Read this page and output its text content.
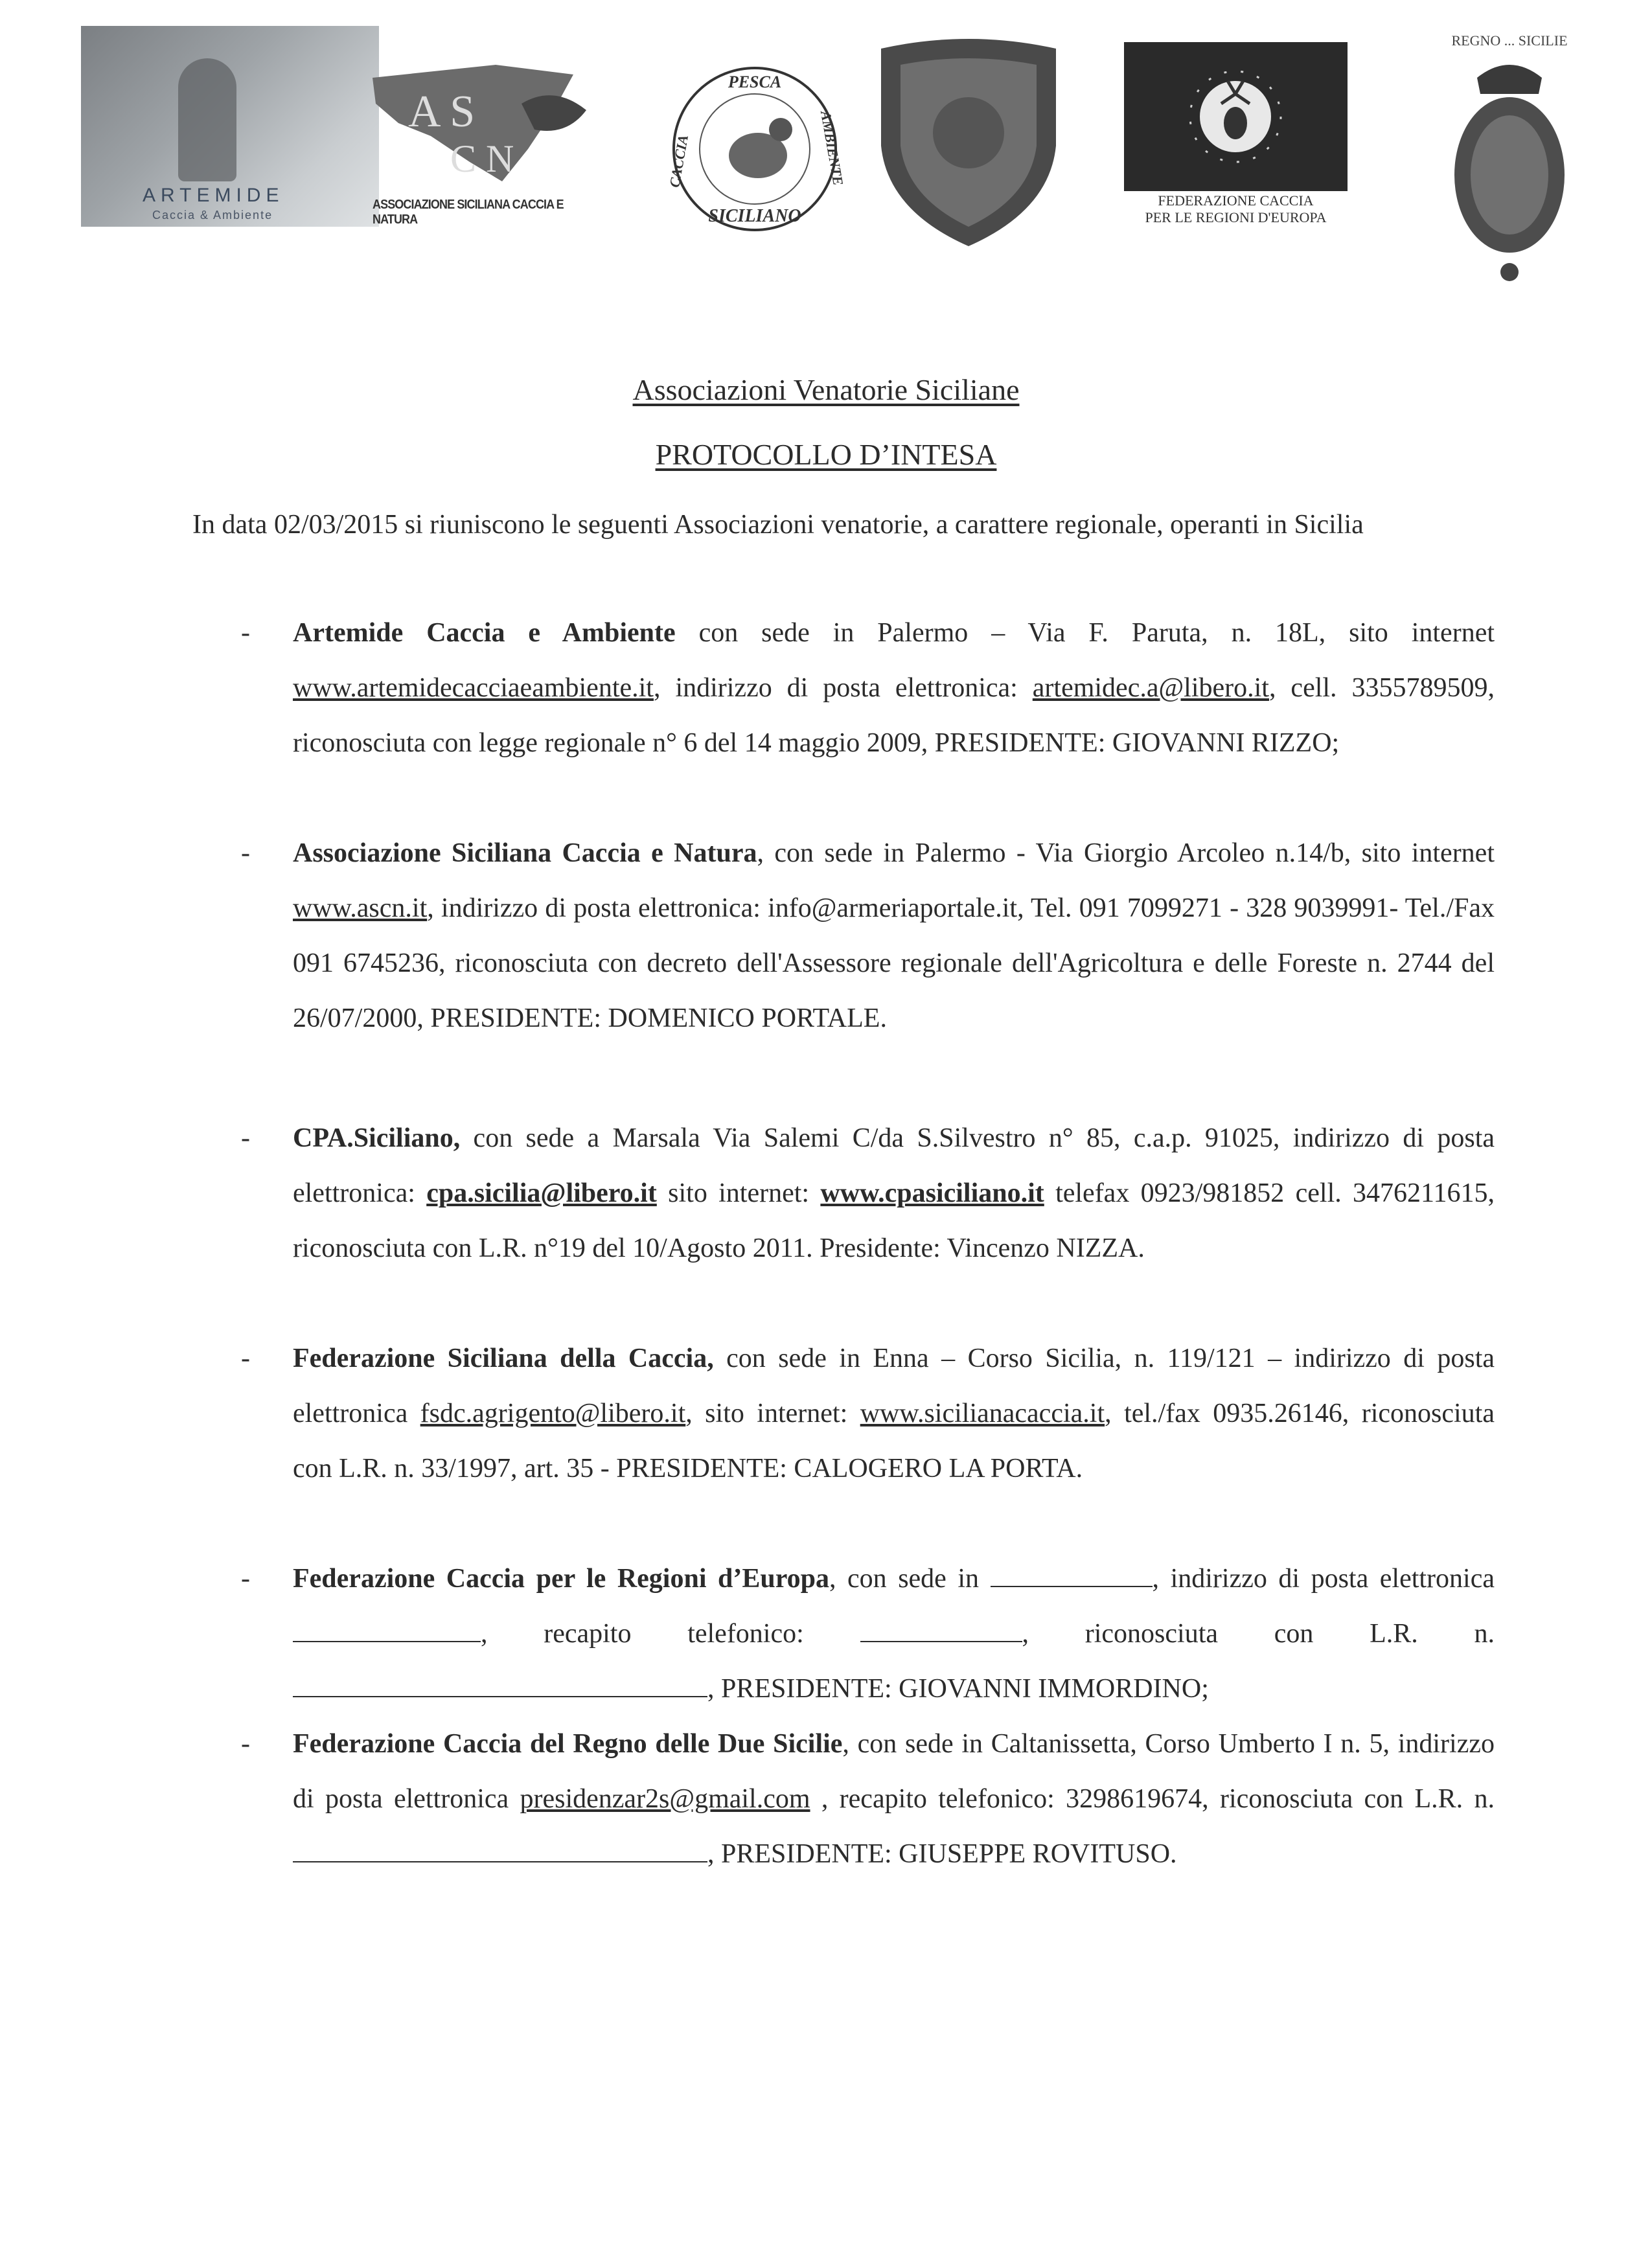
ARTEMIDE
Caccia & Ambiente
A S
C N
ASSOCIAZIONE SICILIANA CACCIA E NATURA
PESCA
SICILIANO
CACCIA	AMBIENTE
FEDERAZIONE CACCIA
PER LE REGIONI D'EUROPA
REGNO ... SICILIE
Associazioni Venatorie Siciliane
PROTOCOLLO D’INTESA

In data 02/03/2015 si riuniscono le seguenti Associazioni venatorie, a carattere regionale, operanti in Sicilia

-	Artemide Caccia e Ambiente con sede in Palermo – Via F. Paruta, n. 18L, sito internet www.artemidecacciaeambiente.it, indirizzo di posta elettronica: artemidec.a@libero.it, cell. 3355789509, riconosciuta con legge regionale n° 6 del 14 maggio 2009, PRESIDENTE: GIOVANNI RIZZO;

-	Associazione Siciliana Caccia e Natura, con sede in Palermo - Via Giorgio Arcoleo n.14/b, sito internet www.ascn.it, indirizzo di posta elettronica: info@armeriaportale.it, Tel. 091 7099271 - 328 9039991- Tel./Fax 091 6745236, riconosciuta con decreto dell'Assessore regionale dell'Agricoltura e delle Foreste n. 2744 del 26/07/2000, PRESIDENTE: DOMENICO PORTALE.

-	CPA.Siciliano, con sede a Marsala Via Salemi C/da S.Silvestro n° 85, c.a.p. 91025, indirizzo di posta elettronica: cpa.sicilia@libero.it sito internet: www.cpasiciliano.it telefax 0923/981852 cell. 3476211615, riconosciuta con L.R. n°19 del 10/Agosto 2011. Presidente: Vincenzo NIZZA.

-	Federazione Siciliana della Caccia, con sede in Enna – Corso Sicilia, n. 119/121 – indirizzo di posta elettronica fsdc.agrigento@libero.it, sito internet: www.sicilianacaccia.it, tel./fax 0935.26146, riconosciuta con L.R. n. 33/1997, art. 35 - PRESIDENTE: CALOGERO LA PORTA.

-	Federazione Caccia per le Regioni d’Europa, con sede in	, indirizzo di posta elettronica , recapito telefonico:	, riconosciuta con L.R. n. , PRESIDENTE: GIOVANNI IMMORDINO;

-	Federazione Caccia del Regno delle Due Sicilie, con sede in Caltanissetta, Corso Umberto I n. 5, indirizzo di posta elettronica presidenzar2s@gmail.com , recapito telefonico: 3298619674, riconosciuta con L.R. n. , PRESIDENTE: GIUSEPPE ROVITUSO.
